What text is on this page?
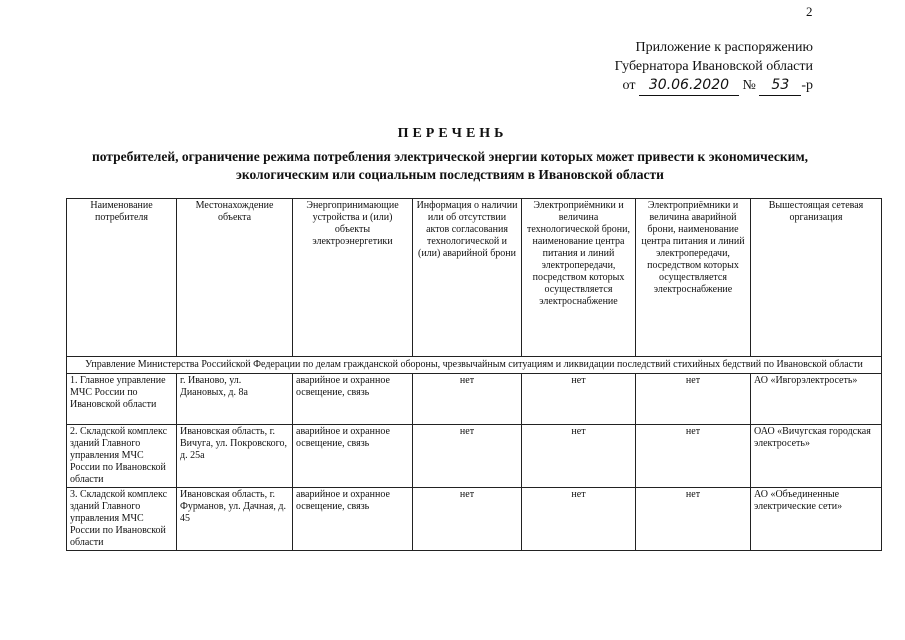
2
Приложение к распоряжению
Губернатора Ивановской области
от 30.06.2020 № 53 -р
ПЕРЕЧЕНЬ
потребителей, ограничение режима потребления электрической энергии которых может привести к экономическим, экологическим или социальным последствиям в Ивановской области
Наименование потребителя	Местонахождение объекта	Энергопринимающие устройства и (или) объекты электроэнергетики	Информация о наличии или об отсутствии актов согласования технологической и (или) аварийной брони	Электроприёмники и величина технологической брони, наименование центра питания и линий электропередачи, посредством которых осуществляется электроснабжение	Электроприёмники и величина аварийной брони, наименование центра питания и линий электропередачи, посредством которых осуществляется электроснабжение	Вышестоящая сетевая организация
Управление Министерства Российской Федерации по делам гражданской обороны, чрезвычайным ситуациям и ликвидации последствий стихийных бедствий по Ивановской области						
1. Главное управление МЧС России по Ивановской области	г. Иваново, ул. Диановых, д. 8а	аварийное и охранное освещение, связь	нет	нет	нет	АО «Ивгорэлектросеть»
2. Складской комплекс зданий Главного управления МЧС России по Ивановской области	Ивановская область, г. Вичуга, ул. Покровского, д. 25а	аварийное и охранное освещение, связь	нет	нет	нет	ОАО «Вичугская городская электросеть»
3. Складской комплекс зданий Главного управления МЧС России по Ивановской области	Ивановская область, г. Фурманов, ул. Дачная, д. 45	аварийное и охранное освещение, связь	нет	нет	нет	АО «Объединенные электрические сети»
